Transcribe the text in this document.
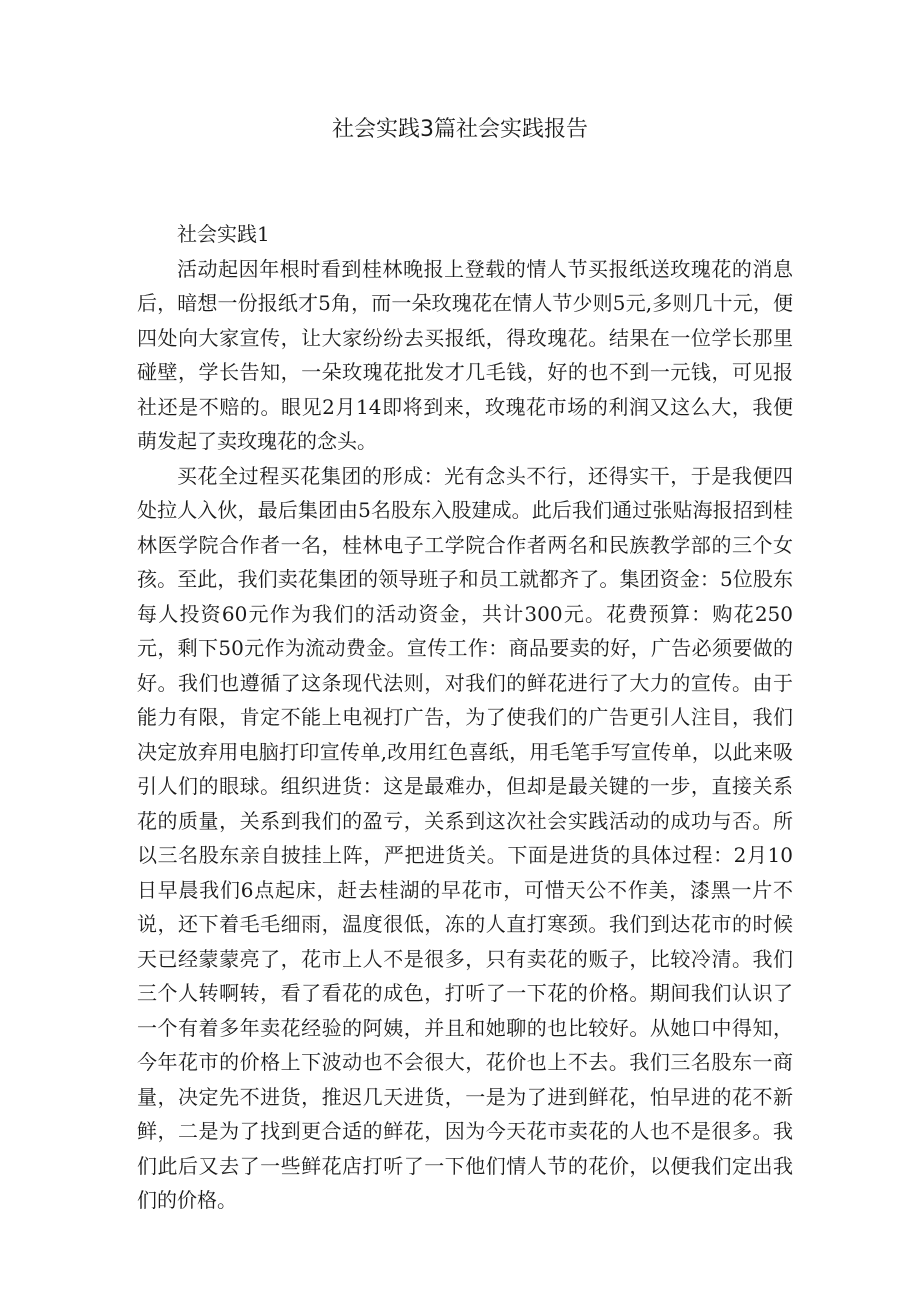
社会实践3篇社会实践报告

社会实践1

活动起因年根时看到桂林晚报上登载的情人节买报纸送玫瑰花的消息后，暗想一份报纸才5角，而一朵玫瑰花在情人节少则5元,多则几十元，便四处向大家宣传，让大家纷纷去买报纸，得玫瑰花。结果在一位学长那里碰壁，学长告知，一朵玫瑰花批发才几毛钱，好的也不到一元钱，可见报社还是不赔的。眼见2月14即将到来，玫瑰花市场的利润又这么大，我便萌发起了卖玫瑰花的念头。

买花全过程买花集团的形成：光有念头不行，还得实干，于是我便四处拉人入伙，最后集团由5名股东入股建成。此后我们通过张贴海报招到桂林医学院合作者一名，桂林电子工学院合作者两名和民族教学部的三个女孩。至此，我们卖花集团的领导班子和员工就都齐了。集团资金：5位股东每人投资60元作为我们的活动资金，共计300元。花费预算：购花250元，剩下50元作为流动费金。宣传工作：商品要卖的好，广告必须要做的好。我们也遵循了这条现代法则，对我们的鲜花进行了大力的宣传。由于能力有限，肯定不能上电视打广告，为了使我们的广告更引人注目，我们决定放弃用电脑打印宣传单,改用红色喜纸，用毛笔手写宣传单，以此来吸引人们的眼球。组织进货：这是最难办，但却是最关键的一步，直接关系花的质量，关系到我们的盈亏，关系到这次社会实践活动的成功与否。所以三名股东亲自披挂上阵，严把进货关。下面是进货的具体过程：2月10日早晨我们6点起床，赶去桂湖的早花市，可惜天公不作美，漆黑一片不说，还下着毛毛细雨，温度很低，冻的人直打寒颈。我们到达花市的时候天已经蒙蒙亮了，花市上人不是很多，只有卖花的贩子，比较冷清。我们三个人转啊转，看了看花的成色，打听了一下花的价格。期间我们认识了一个有着多年卖花经验的阿姨，并且和她聊的也比较好。从她口中得知，今年花市的价格上下波动也不会很大，花价也上不去。我们三名股东一商量，决定先不进货，推迟几天进货，一是为了进到鲜花，怕早进的花不新鲜，二是为了找到更合适的鲜花，因为今天花市卖花的人也不是很多。我们此后又去了一些鲜花店打听了一下他们情人节的花价，以便我们定出我们的价格。
